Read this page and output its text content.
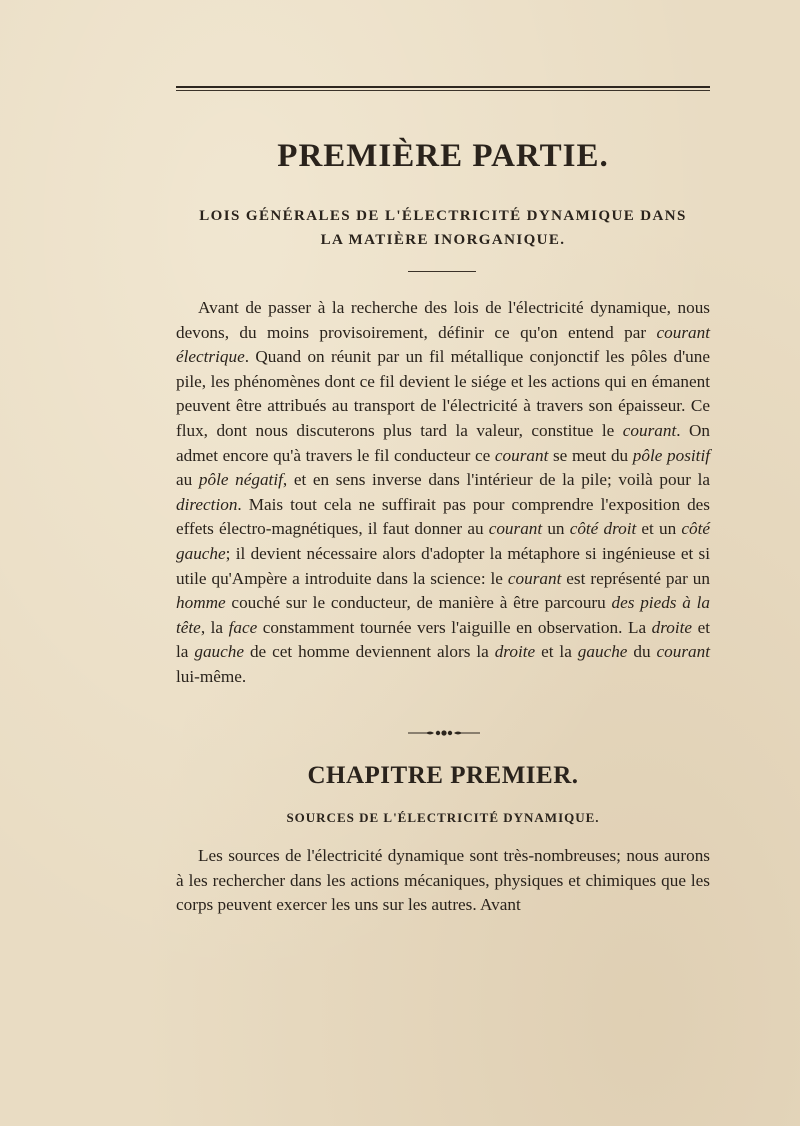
PREMIÈRE PARTIE.
LOIS GÉNÉRALES DE L'ÉLECTRICITÉ DYNAMIQUE DANS
LA MATIÈRE INORGANIQUE.

Avant de passer à la recherche des lois de l'électricité dynamique, nous devons, du moins provisoirement, définir ce qu'on entend par courant électrique. Quand on réunit par un fil métallique conjonctif les pôles d'une pile, les phénomènes dont ce fil devient le siége et les actions qui en émanent peuvent être attribués au transport de l'électricité à travers son épaisseur. Ce flux, dont nous discuterons plus tard la valeur, constitue le courant. On admet encore qu'à travers le fil conducteur ce courant se meut du pôle positif au pôle négatif, et en sens inverse dans l'intérieur de la pile; voilà pour la direction. Mais tout cela ne suffirait pas pour comprendre l'exposition des effets électro-magnétiques, il faut donner au courant un côté droit et un côté gauche; il devient nécessaire alors d'adopter la métaphore si ingénieuse et si utile qu'Ampère a introduite dans la science: le courant est représenté par un homme couché sur le conducteur, de manière à être parcouru des pieds à la tête, la face constamment tournée vers l'aiguille en observation. La droite et la gauche de cet homme deviennent alors la droite et la gauche du courant lui-même.

CHAPITRE PREMIER.
SOURCES DE L'ÉLECTRICITÉ DYNAMIQUE.

Les sources de l'électricité dynamique sont très-nombreuses; nous aurons à les rechercher dans les actions mécaniques, physiques et chimiques que les corps peuvent exercer les uns sur les autres. Avant
